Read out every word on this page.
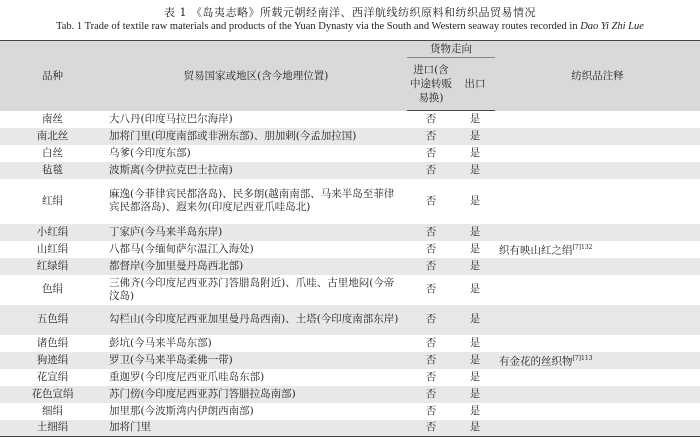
表 1 《岛夷志略》所载元朝经南洋、西洋航线纺织原料和纺织品贸易情况
Tab. 1 Trade of textile raw materials and products of the Yuan Dynasty via the South and Western seaway routes recorded in Dao Yi Zhi Lue
品种	贸易国家或地区(含今地理位置)	货物走向		纺织品注释
		进口(含中途转贩易换)	出口	
南丝	大八丹(印度马拉巴尔海岸)	否	是	
南北丝	加将门里(印度南部或非洲东部)、朋加剌(今孟加拉国)	否	是	
白丝	乌爹(今印度东部)	否	是	
毡毯	波斯离(今伊拉克巴士拉南)	否	是	
红绢	麻逸(今菲律宾民都洛岛)、民多朗(越南南部、马来半岛至菲律宾民都洛岛)、遐来勿(印度尼西亚爪哇岛北)	否	是	
小红绢	丁家庐(今马来半岛东岸)	否	是	
山红绢	八都马(今缅甸萨尔温江入海处)	否	是	织有映山红之绢$^{[7]132}$
红绿绢	都督岸(今加里曼丹岛西北部)	否	是	
色绢	三佛齐(今印度尼西亚苏门答腊岛附近)、爪哇、古里地闷(今帝汶岛)	否	是	
五色绢	勾栏山(今印度尼西亚加里曼丹岛西南)、土塔(今印度南部东岸)	否	是	
诸色绢	彭坑(今马来半岛东部)	否	是	
狗迹绢	罗卫(今马来半岛柔佛一带)	否	是	有金花的丝织物$^{[7]113}$
花宣绢	重迦罗(今印度尼西亚爪哇岛东部)	否	是	
花色宣绢	苏门傍(今印度尼西亚苏门答腊拉岛南部)	否	是	
细绢	加里那(今波斯湾内伊朗西南部)	否	是	
土细绢	加将门里	否	是	
